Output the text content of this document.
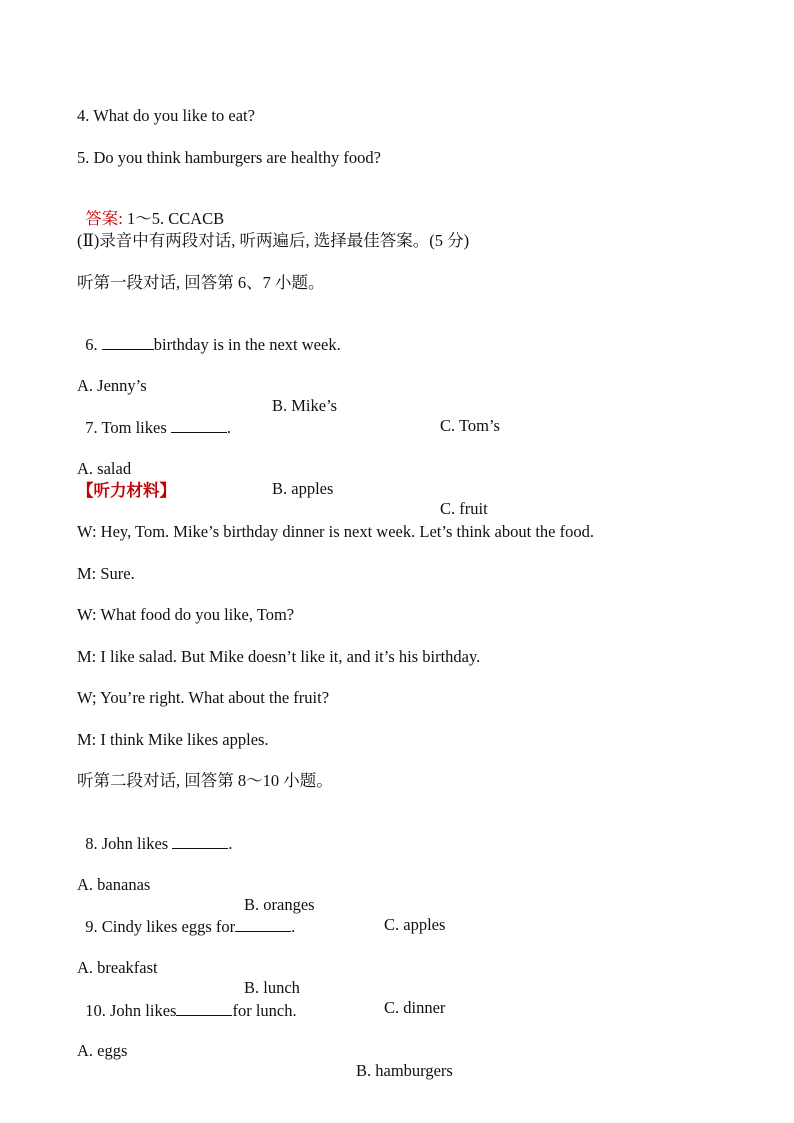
4. What do you like to eat?
5. Do you think hamburgers are healthy food?

答案: 1～5. CCACB

(Ⅱ)录音中有两段对话, 听两遍后, 选择最佳答案。(5 分)
听第一段对话, 回答第 6、7 小题。

6.	birthday is in the next week.

A. Jenny’s

B. Mike’s

C. Tom’s

7. Tom likes	.

A. salad

B. apples

C. fruit

【听力材料】
W: Hey, Tom. Mike’s birthday dinner is next week. Let’s think about the food.
M: Sure.
W: What food do you like, Tom?
M: I like salad. But Mike doesn’t like it, and it’s his birthday.
W; You’re right. What about the fruit?
M: I think Mike likes apples.
听第二段对话, 回答第 8～10 小题。

8. John likes	.

A. bananas

B. oranges

C. apples

9. Cindy likes eggs for	.

A. breakfast

B. lunch

C. dinner

10. John likes	for lunch.

A. eggs

B. hamburgers
